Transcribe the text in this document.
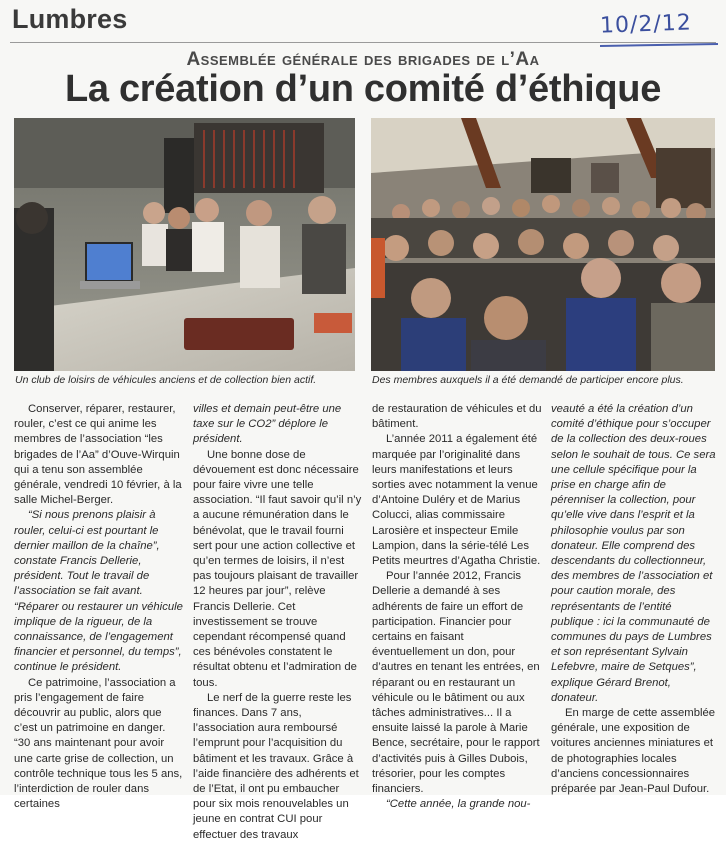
Lumbres	10/2/12
Assemblée générale des brigades de l’Aa
La création d’un comité d’éthique
Un club de loisirs de véhicules anciens et de collection bien actif.	Des membres auxquels il a été demandé de participer encore plus.

Conserver, réparer, restaurer, rouler, c’est ce qui anime les membres de l’association “les brigades de l’Aa” d’Ouve-Wirquin qui a tenu son assemblée générale, vendredi 10 février, à la salle Michel-Berger.

“Si nous prenons plaisir à rouler, celui-ci est pourtant le dernier maillon de la chaîne”, constate Francis Dellerie, président. Tout le travail de l’association se fait avant. “Réparer ou restaurer un véhicule implique de la rigueur, de la connaissance, de l’engagement financier et personnel, du temps”, continue le président.

Ce patrimoine, l’association a pris l’engagement de faire découvrir au public, alors que c’est un patrimoine en danger. “30 ans maintenant pour avoir une carte grise de collection, un contrôle technique tous les 5 ans, l’interdiction de rouler dans certaines

villes et demain peut-être une taxe sur le CO2” déplore le président.

Une bonne dose de dévouement est donc nécessaire pour faire vivre une telle association. “Il faut savoir qu’il n’y a aucune rémunération dans le bénévolat, que le travail fourni sert pour une action collective et qu’en termes de loisirs, il n’est pas toujours plaisant de travailler 12 heures par jour”, relève Francis Dellerie. Cet investissement se trouve cependant récompensé quand ces bénévoles constatent le résultat obtenu et l’admiration de tous.

Le nerf de la guerre reste les finances. Dans 7 ans, l’association aura remboursé l’emprunt pour l’acquisition du bâtiment et les travaux. Grâce à l’aide financière des adhérents et de l’Etat, il ont pu embaucher pour six mois renouvelables un jeune en contrat CUI pour effectuer des travaux

de restauration de véhicules et du bâtiment.

L’année 2011 a également été marquée par l’originalité dans leurs manifestations et leurs sorties avec notamment la venue d’Antoine Duléry et de Marius Colucci, alias commissaire Larosière et inspecteur Emile Lampion, dans la série-télé Les Petits meurtres d’Agatha Christie.

Pour l’année 2012, Francis Dellerie a demandé à ses adhérents de faire un effort de participation. Financier pour certains en faisant éventuellement un don, pour d’autres en tenant les entrées, en réparant ou en restaurant un véhicule ou le bâtiment ou aux tâches administratives... Il a ensuite laissé la parole à Marie Bence, secrétaire, pour le rapport d’activités puis à Gilles Dubois, trésorier, pour les comptes financiers.

“Cette année, la grande nou-

veauté a été la création d’un comité d’éthique pour s’occuper de la collection des deux-roues selon le souhait de tous. Ce sera une cellule spécifique pour la prise en charge afin de pérenniser la collection, pour qu’elle vive dans l’esprit et la philosophie voulus par son donateur. Elle comprend des descendants du collectionneur, des membres de l’association et pour caution morale, des représentants de l’entité publique : ici la communauté de communes du pays de Lumbres et son représentant Sylvain Lefebvre, maire de Setques”, explique Gérard Brenot, donateur.

En marge de cette assemblée générale, une exposition de voitures anciennes miniatures et de photographies locales d’anciens concessionnaires préparée par Jean-Paul Dufour.
